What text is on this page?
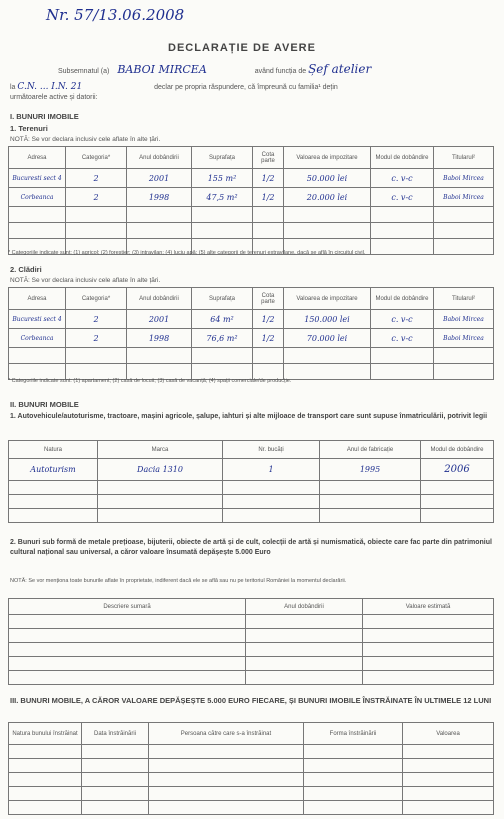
Nr. 57/13.06.2008
DECLARAȚIE DE AVERE
Subsemnatul (a) BABOI MIRCEA	având funcția de Șef atelier
la C.N. ... I.N. 21	declar pe propria răspundere, că împreună cu familia¹ dețin
următoarele active și datorii:
I. BUNURI IMOBILE
1. Terenuri
NOTĂ: Se vor declara inclusiv cele aflate în alte țări.
Adresa	Categoria*	Anul dobândirii	Suprafața	Cota parte	Valoarea de impozitare	Modul de dobândire	Titularul²
Bucuresti sect 4	2	2001	155 m²	1/2	50.000 lei	c. v-c	Baboi Mircea
Corbeanca	2	1998	47,5 m²	1/2	20.000 lei	c. v-c	Baboi Mircea

* Categoriile indicate sunt: (1) agricol; (2) forestier; (3) intravilan; (4) luciu apă; (5) alte categorii de terenuri extravilane, dacă se află în circuitul civil.
2. Clădiri
NOTĂ: Se vor declara inclusiv cele aflate în alte țări.
Adresa	Categoria*	Anul dobândirii	Suprafața	Cota parte	Valoarea de impozitare	Modul de dobândire	Titularul²
Bucuresti sect 4	2	2001	64 m²	1/2	150.000 lei	c. v-c	Baboi Mircea
Corbeanca	2	1998	76,6 m²	1/2	70.000 lei	c. v-c	Baboi Mircea

* Categoriile indicate sunt: (1) apartament; (2) casă de locuit; (3) casă de vacanță; (4) spații comerciale/de producție.
II. BUNURI MOBILE
1. Autovehicule/autoturisme, tractoare, mașini agricole, șalupe, iahturi și alte mijloace de transport care sunt supuse înmatriculării, potrivit legii
Natura	Marca	Nr. bucăți	Anul de fabricație	Modul de dobândire
Autoturism	Dacia 1310	1	1995	2006

2. Bunuri sub formă de metale prețioase, bijuterii, obiecte de artă și de cult, colecții de artă și numismatică, obiecte care fac parte din patrimoniul cultural național sau universal, a căror valoare însumată depășește 5.000 Euro
NOTĂ: Se vor menționa toate bunurile aflate în proprietate, indiferent dacă ele se află sau nu pe teritoriul României la momentul declarării.
Descriere sumară	Anul dobândirii	Valoare estimată

III. BUNURI MOBILE, A CĂROR VALOARE DEPĂȘEȘTE 5.000 EURO FIECARE, ȘI BUNURI IMOBILE ÎNSTRĂINATE ÎN ULTIMELE 12 LUNI
Natura bunului înstrăinat	Data înstrăinării	Persoana către care s-a înstrăinat	Forma înstrăinării	Valoarea
